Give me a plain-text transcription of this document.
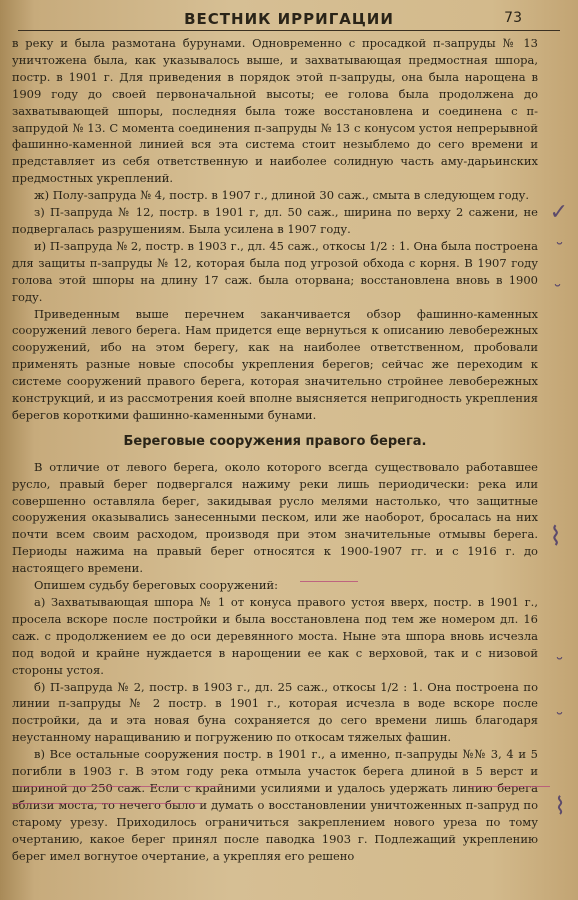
ВЕСТНИК ИРРИГАЦИИ	73

в реку и была размотана бурунами. Одновременно с просадкой п-запруды № 13 уничтожена была, как указывалось выше, и захватывающая предмостная шпора, постр. в 1901 г. Для приведения в порядок этой п-запруды, она была нарощена в 1909 году до своей первоначальной высоты; ее голова была продолжена до захватывающей шпоры, последняя была тоже восстановлена и соединена с п-запрудой № 13. С момента соединения п-запруды № 13 с конусом устоя непрерывной фашинно-каменной линией вся эта система стоит незыблемо до сего времени и представляет из себя ответственную и наиболее солидную часть аму-дарьинских предмостных укреплений.

ж) Полу-запруда № 4, постр. в 1907 г., длиной 30 саж., смыта в следующем году.

з) П-запруда № 12, постр. в 1901 г, дл. 50 саж., ширина по верху 2 сажени, не подвергалась разрушениям. Была усилена в 1907 году.

и) П-запруда № 2, постр. в 1903 г., дл. 45 саж., откосы 1/2 : 1. Она была построена для защиты п-запруды № 12, которая была под угрозой обхода с корня. В 1907 году голова этой шпоры на длину 17 саж. была оторвана; восстановлена вновь в 1900 году.

Приведенным выше перечнем заканчивается обзор фашинно-каменных сооружений левого берега. Нам придется еще вернуться к описанию левобережных сооружений, ибо на этом берегу, как на наиболее ответственном, пробовали применять разные новые способы укрепления берегов; сейчас же переходим к системе сооружений правого берега, которая значительно стройнее левобережных конструкций, и из рассмотрения коей вполне выясняется непригодность укрепления берегов короткими фашинно-каменными бунами.

Береговые сооружения правого берега.

В отличие от левого берега, около которого всегда существовало работавшее русло, правый берег подвергался нажиму реки лишь периодически: река или совершенно оставляла берег, закидывая русло мелями настолько, что защитные сооружения оказывались занесенными песком, или же наоборот, бросалась на них почти всем своим расходом, производя при этом значительные отмывы берега. Периоды нажима на правый берег относятся к 1900-1907 гг. и с 1916 г. до настоящего времени.

Опишем судьбу береговых сооружений:

а) Захватывающая шпора № 1 от конуса правого устоя вверх, постр. в 1901 г., просела вскоре после постройки и была восстановлена под тем же номером дл. 16 саж. с продолжением ее до оси деревянного моста. Ныне эта шпора вновь исчезла под водой и крайне нуждается в нарощении ее как с верховой, так и с низовой стороны устоя.

б) П-запруда № 2, постр. в 1903 г., дл. 25 саж., откосы 1/2 : 1. Она построена по линии п-запруды № 2 постр. в 1901 г., которая исчезла в воде вскоре после постройки, да и эта новая буна сохраняется до сего времени лишь благодаря неустанному наращиванию и погружению по откосам тяжелых фашин.

в) Все остальные сооружения постр. в 1901 г., а именно, п-запруды №№ 3, 4 и 5 погибли в 1903 г. В этом году река отмыла участок берега длиной в 5 верст и шириной до 250 саж. Если с крайними усилиями и удалось удержать линию берега вблизи моста, то нечего было и думать о восстановлении уничтоженных п-запруд по старому урезу. Приходилось ограничиться закреплением нового уреза по тому очертанию, какое берег принял после паводка 1903 г. Подлежащий укреплению берег имел вогнутое очертание, а укрепляя его решено

✓
˘
˘
⌇
˘
˘
⌇
